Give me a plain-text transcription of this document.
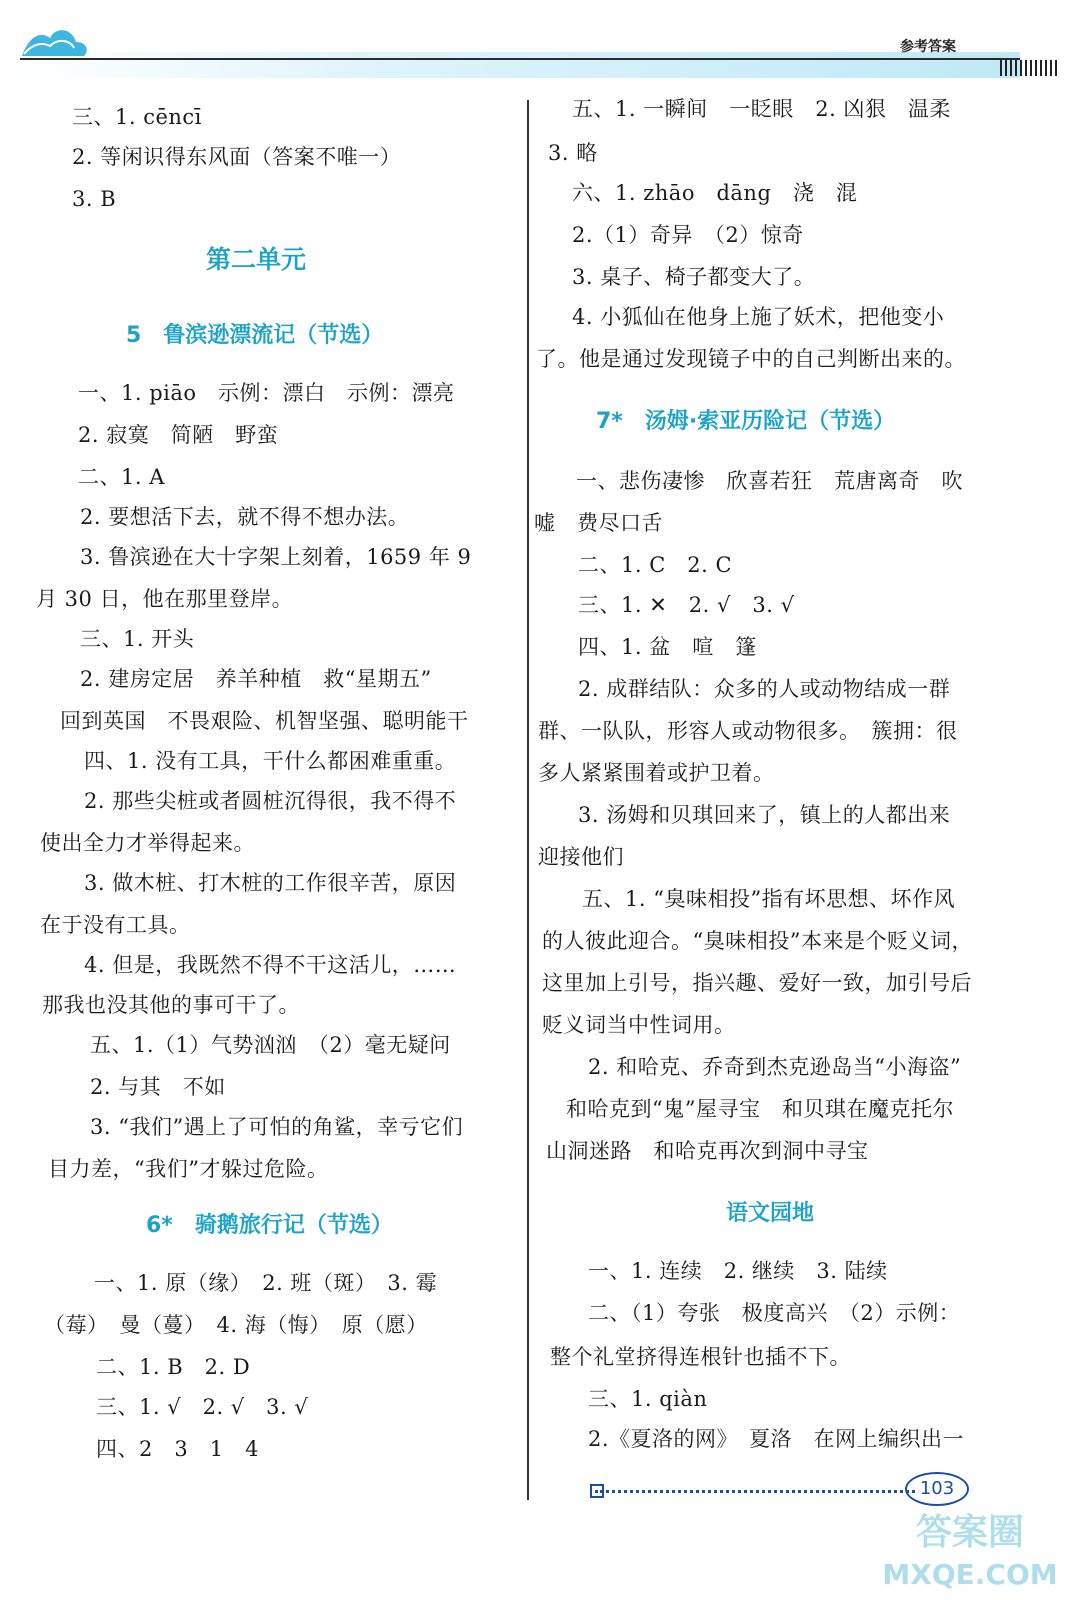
参考答案
三、1. cēncī
2. 等闲识得东风面（答案不唯一）
3. B
第二单元
5　鲁滨逊漂流记（节选）
一、1. piāo　示例：漂白　示例：漂亮
2. 寂寞　简陋　野蛮
二、1. A
2. 要想活下去，就不得不想办法。
3. 鲁滨逊在大十字架上刻着，1659 年 9
月 30 日，他在那里登岸。
三、1. 开头
2. 建房定居　养羊种植　救“星期五”
回到英国　不畏艰险、机智坚强、聪明能干
四、1. 没有工具，干什么都困难重重。
2. 那些尖桩或者圆桩沉得很，我不得不
使出全力才举得起来。
3. 做木桩、打木桩的工作很辛苦，原因
在于没有工具。
4. 但是，我既然不得不干这活儿，……
那我也没其他的事可干了。
五、1.（1）气势汹汹　（2）毫无疑问
2. 与其　不如
3. “我们”遇上了可怕的角鲨，幸亏它们
目力差，“我们”才躲过危险。
6*　骑鹅旅行记（节选）
一、1. 原（缘）　2. 班（斑）　3. 霉
（莓）　曼（蔓）　4. 海（悔）　原（愿）
二、1. B　2. D
三、1. √　2. √　3. √
四、2　3　1　4
五、1. 一瞬间　一眨眼　2. 凶狠　温柔
3. 略
六、1. zhāo　dāng　浇　混
2.（1）奇异　（2）惊奇
3. 桌子、椅子都变大了。
4. 小狐仙在他身上施了妖术，把他变小
了。他是通过发现镜子中的自己判断出来的。
7*　汤姆·索亚历险记（节选）
一、悲伤凄惨　欣喜若狂　荒唐离奇　吹
嘘　费尽口舌
二、1. C　2. C
三、1. ✕　2. √　3. √
四、1. 盆　喧　篷
2. 成群结队：众多的人或动物结成一群
群、一队队，形容人或动物很多。　簇拥：很
多人紧紧围着或护卫着。
3. 汤姆和贝琪回来了，镇上的人都出来
迎接他们
五、1. “臭味相投”指有坏思想、坏作风
的人彼此迎合。“臭味相投”本来是个贬义词，
这里加上引号，指兴趣、爱好一致，加引号后
贬义词当中性词用。
2. 和哈克、乔奇到杰克逊岛当“小海盗”
和哈克到“鬼”屋寻宝　和贝琪在魔克托尔
山洞迷路　和哈克再次到洞中寻宝
语文园地
一、1. 连续　2. 继续　3. 陆续
二、（1）夸张　极度高兴　（2）示例：
整个礼堂挤得连根针也插不下。
三、1. qiàn
2.《夏洛的网》　夏洛　在网上编织出一
103
答案圈
MXQE.COM
